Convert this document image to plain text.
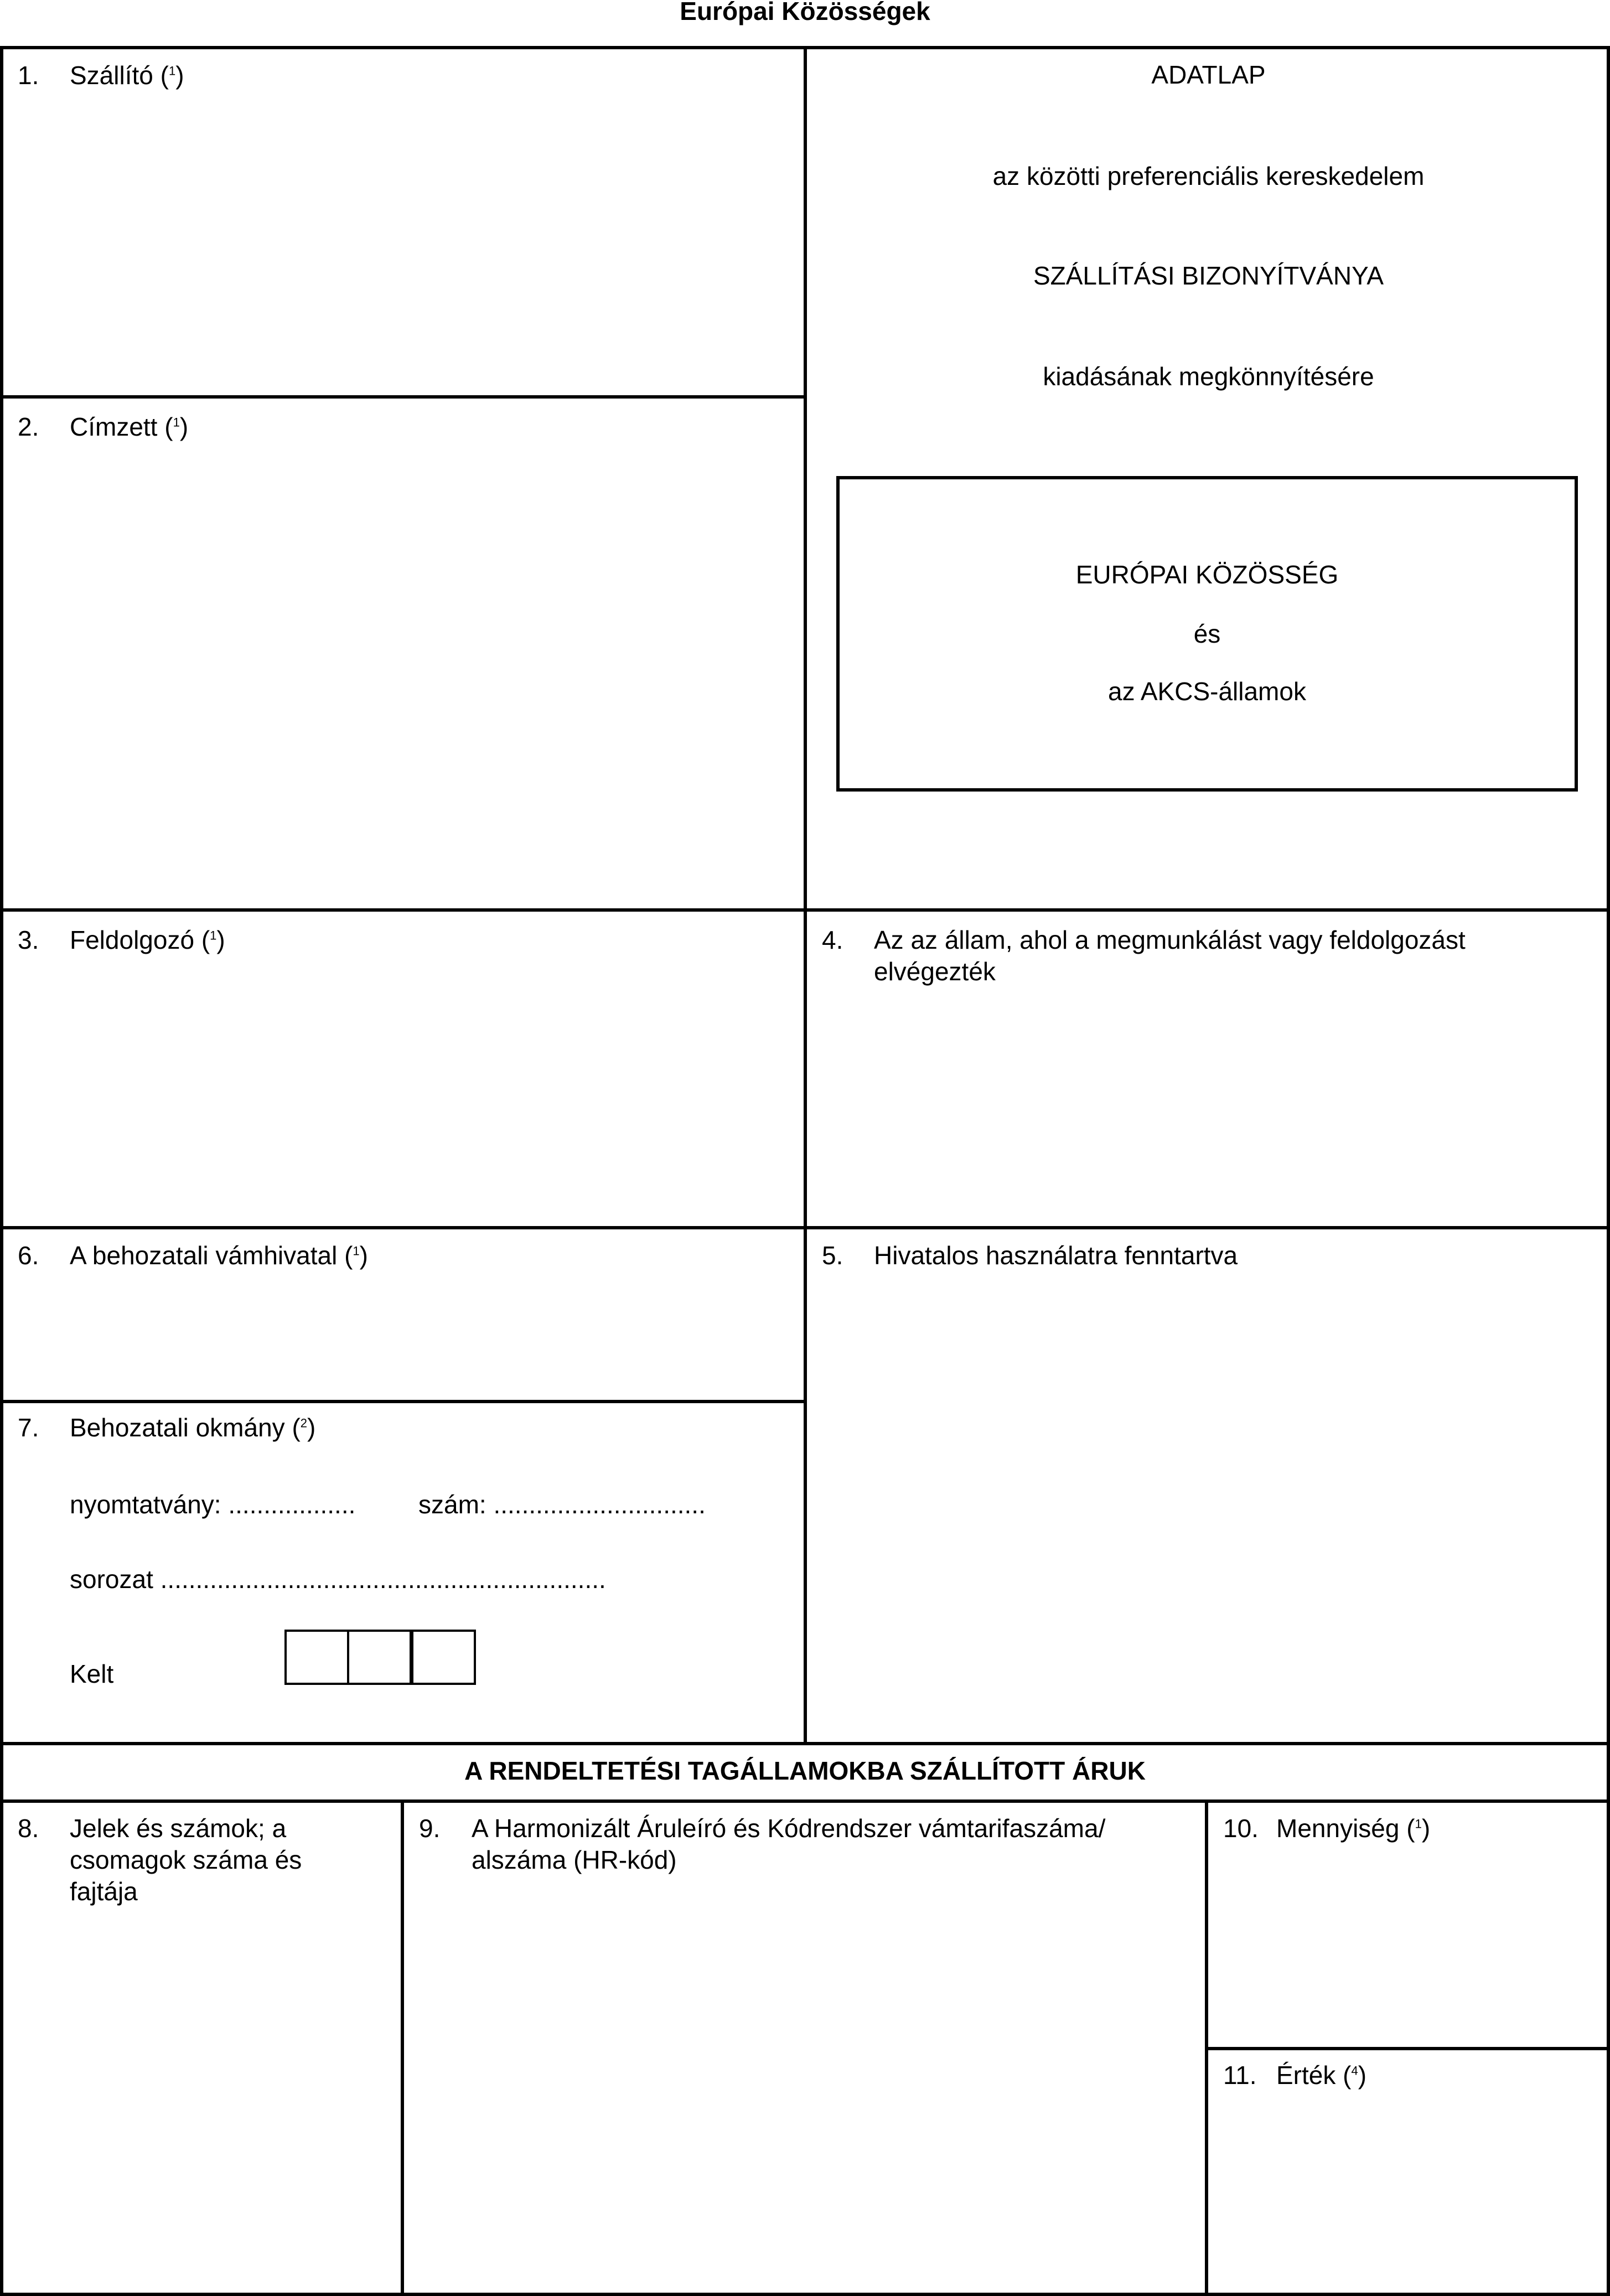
Európai Közösségek
1. Szállító ($^1$)
2. Címzett ($^1$)
ADATLAP
az közötti preferenciális kereskedelem
SZÁLLÍTÁSI BIZONYÍTVÁNYA
kiadásának megkönnyítésére
EURÓPAI KÖZÖSSÉG
és
az AKCS-államok
3. Feldolgozó ($^1$)	4. Az az állam, ahol a megmunkálást vagy feldolgozást elvégezték
6. A behozatali vámhivatal ($^1$)	5. Hivatalos használatra fenntartva
7. Behozatali okmány ($^2$)
nyomtatvány: .................. szám: ..............................
sorozat ...............................................................
Kelt
A RENDELTETÉSI TAGÁLLAMOKBA SZÁLLÍTOTT ÁRUK
8. Jelek és számok; a csomagok száma és fajtája
9. A Harmonizált Áruleíró és Kódrendszer vámtarifaszáma/ alszáma (HR-kód)
10. Mennyiség ($^1$)
11. Érték ($^4$)
